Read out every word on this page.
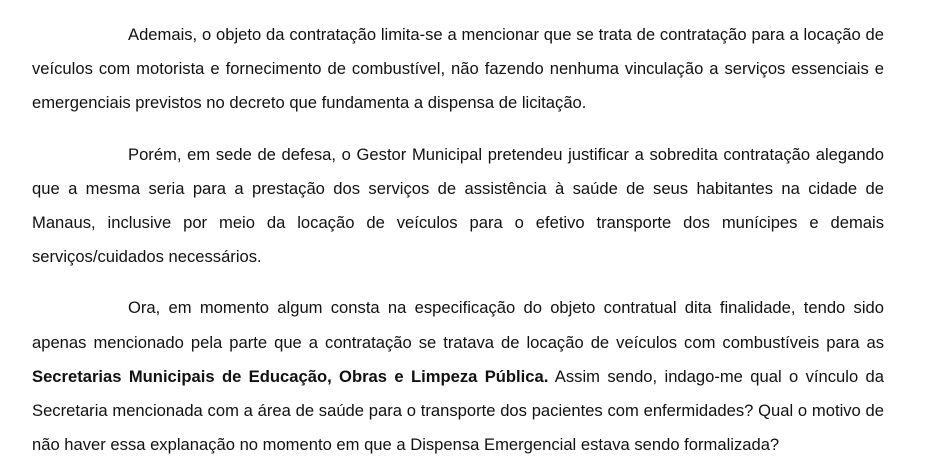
Ademais, o objeto da contratação limita-se a mencionar que se trata de contratação para a locação de veículos com motorista e fornecimento de combustível, não fazendo nenhuma vinculação a serviços essenciais e emergenciais previstos no decreto que fundamenta a dispensa de licitação.

Porém, em sede de defesa, o Gestor Municipal pretendeu justificar a sobredita contratação alegando que a mesma seria para a prestação dos serviços de assistência à saúde de seus habitantes na cidade de Manaus, inclusive por meio da locação de veículos para o efetivo transporte dos munícipes e demais serviços/cuidados necessários.

Ora, em momento algum consta na especificação do objeto contratual dita finalidade, tendo sido apenas mencionado pela parte que a contratação se tratava de locação de veículos com combustíveis para as Secretarias Municipais de Educação, Obras e Limpeza Pública. Assim sendo, indago-me qual o vínculo da Secretaria mencionada com a área de saúde para o transporte dos pacientes com enfermidades? Qual o motivo de não haver essa explanação no momento em que a Dispensa Emergencial estava sendo formalizada?
